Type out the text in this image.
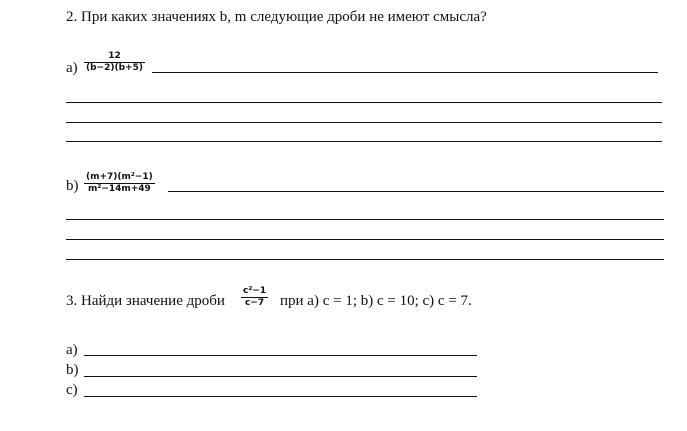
2. При каких значениях b, m следующие дроби не имеют смысла?
a)
12
(b−2)(b+5)
b)
(m+7)(m²−1)
m²−14m+49
3. Найди значение дроби
c²−1
c−7 при a) c = 1; b) c = 10; c) c = 7.
a)
b)
c)
